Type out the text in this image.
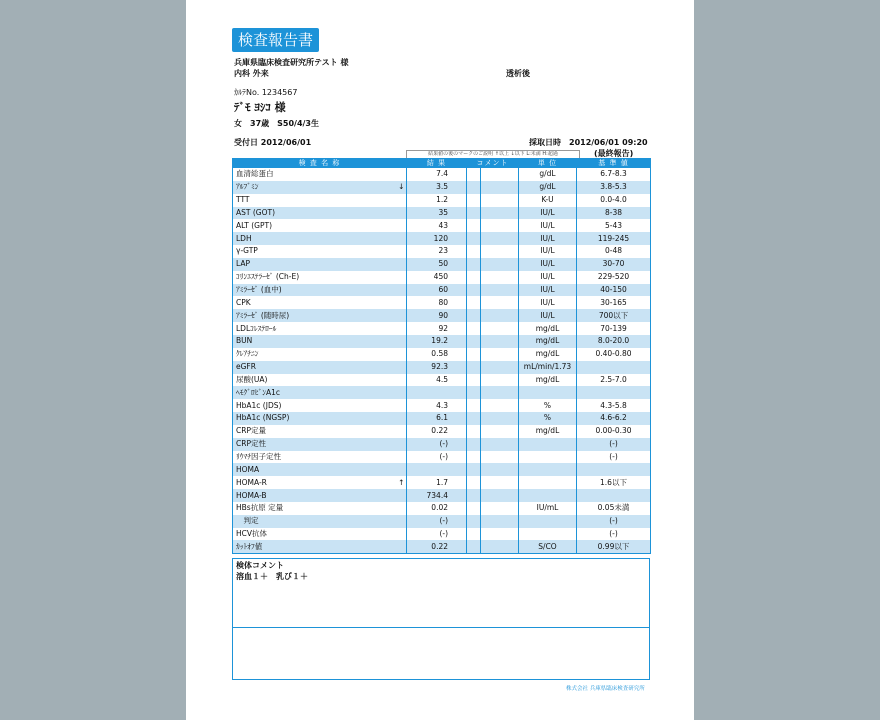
検査報告書
兵庫県臨床検査研究所テスト 様
内科 外来	透析後
ｶﾙﾃNo. 1234567
ﾃﾞﾓ ﾖｼｺ 様
女　37歳　S50/4/3生
受付日 2012/06/01	採取日時　2012/06/01 09:20
結果値の後のマークのご説明 ↑以上 ↓以下 L:未満 H:超過	(最終報告)
検 査 名 称		結 果	コメント		単 位	基 準 値
血清総蛋白		7.4			g/dL	6.7-8.3
ｱﾙﾌﾞﾐﾝ	↓	3.5			g/dL	3.8-5.3
TTT		1.2			K-U	0.0-4.0
AST (GOT)		35			IU/L	8-38
ALT (GPT)		43			IU/L	5-43
LDH		120			IU/L	119-245
γ-GTP		23			IU/L	0-48
LAP		50			IU/L	30-70
ｺﾘﾝｴｽﾃﾗｰｾﾞ (Ch-E)		450			IU/L	229-520
ｱﾐﾗｰｾﾞ (血中)		60			IU/L	40-150
CPK		80			IU/L	30-165
ｱﾐﾗｰｾﾞ (随時尿)		90			IU/L	700以下
LDLｺﾚｽﾃﾛｰﾙ		92			mg/dL	70-139
BUN		19.2			mg/dL	8.0-20.0
ｸﾚｱﾁﾆﾝ		0.58			mg/dL	0.40-0.80
eGFR		92.3			mL/min/1.73	
尿酸(UA)		4.5			mg/dL	2.5-7.0
ﾍﾓｸﾞﾛﾋﾞﾝA1c						
HbA1c (JDS)		4.3			%	4.3-5.8
HbA1c (NGSP)		6.1			%	4.6-6.2
CRP定量		0.22			mg/dL	0.00-0.30
CRP定性		(-)				(-)
ﾘｳﾏﾁ因子定性		(-)				(-)
HOMA						
HOMA-R	↑	1.7				1.6以下
HOMA-B		734.4				
HBs抗原 定量		0.02			IU/mL	0.05未満
　判定		(-)				(-)
HCV抗体		(-)				(-)
ｶｯﾄｵﾌ値		0.22			S/CO	0.99以下
検体コメント
溶血１＋　乳び１＋
株式会社 兵庫県臨床検査研究所
